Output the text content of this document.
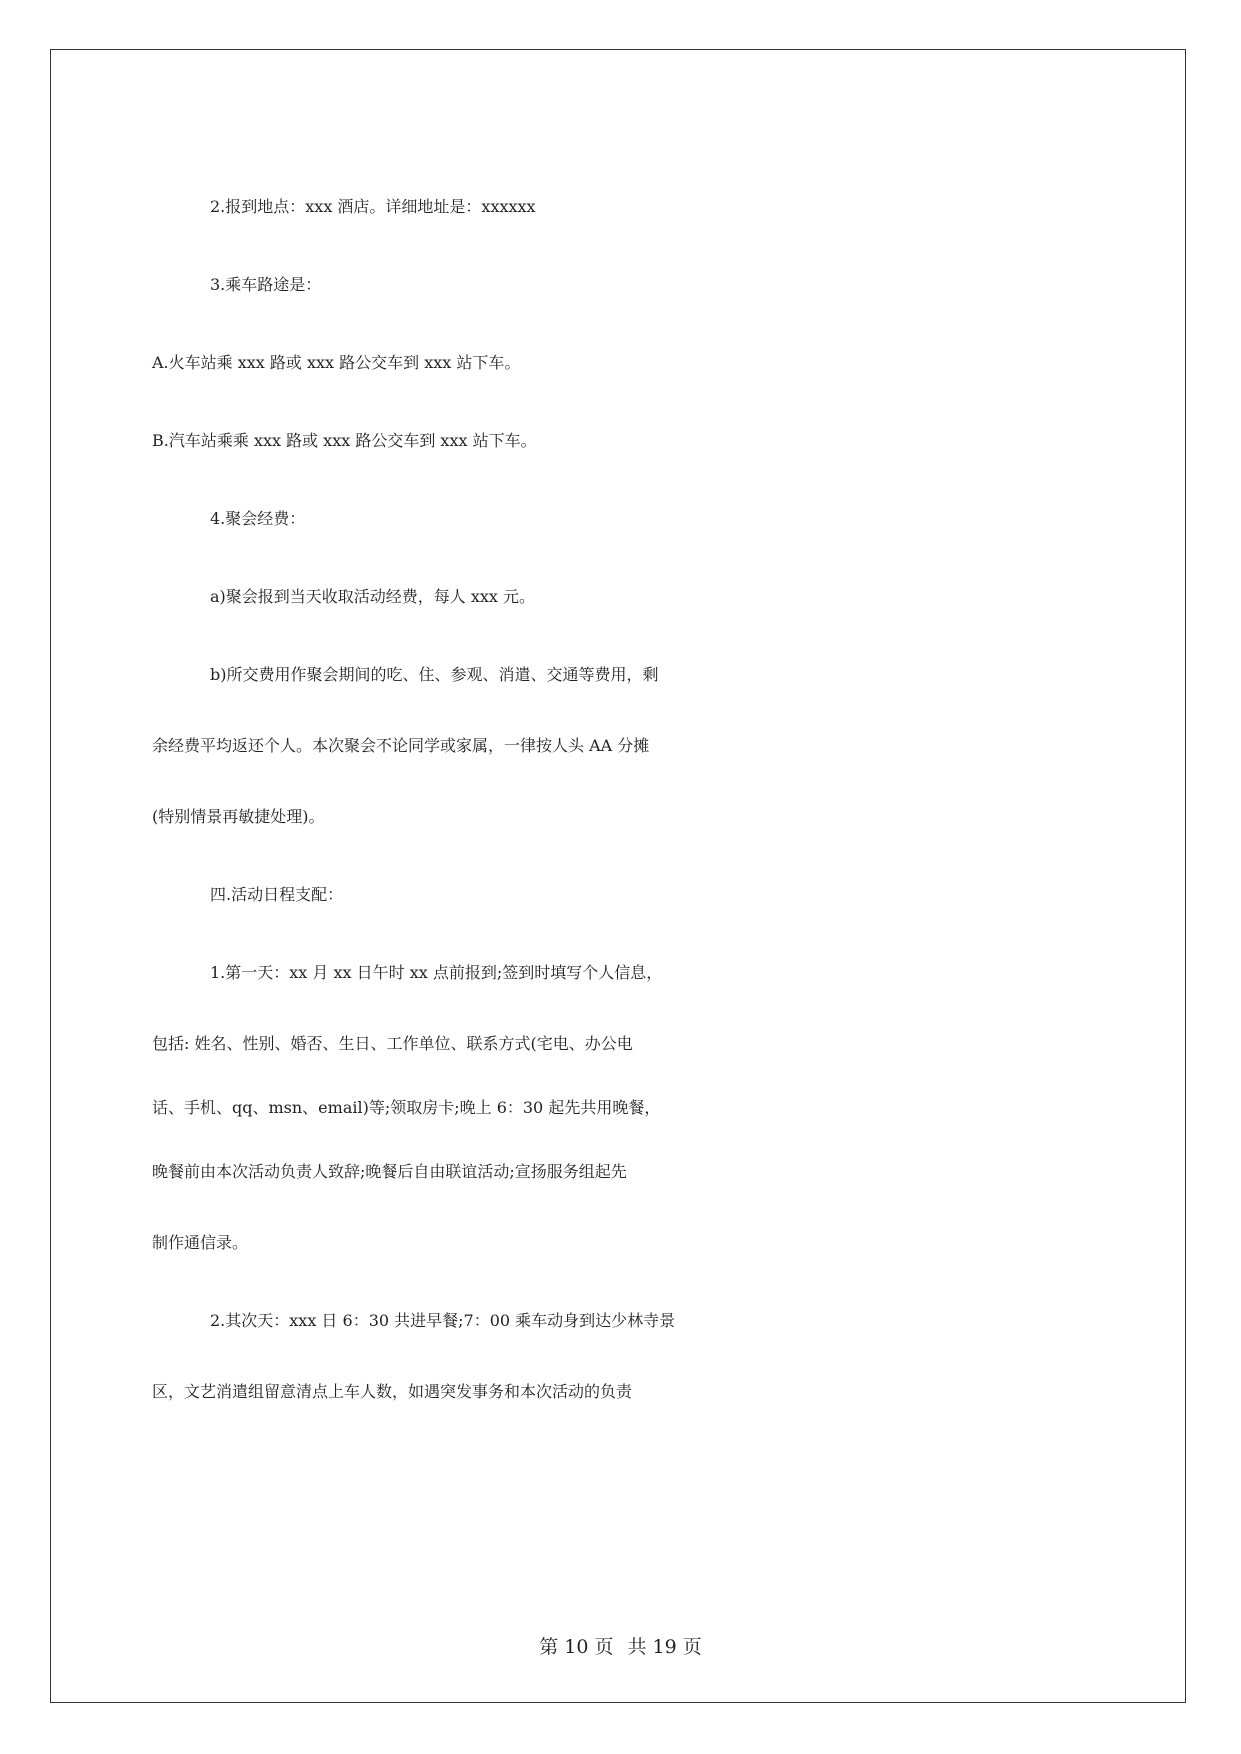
2.报到地点：xxx 酒店。详细地址是：xxxxxx
3.乘车路途是：
A.火车站乘 xxx 路或 xxx 路公交车到 xxx 站下车。
B.汽车站乘乘 xxx 路或 xxx 路公交车到 xxx 站下车。
4.聚会经费：
a)聚会报到当天收取活动经费，每人 xxx 元。
b)所交费用作聚会期间的吃、住、参观、消遣、交通等费用，剩
余经费平均返还个人。本次聚会不论同学或家属，一律按人头 AA 分摊
(特别情景再敏捷处理)。
四.活动日程支配：
1.第一天：xx 月 xx 日午时 xx 点前报到;签到时填写个人信息，
包括: 姓名、性别、婚否、生日、工作单位、联系方式(宅电、办公电
话、手机、qq、msn、email)等;领取房卡;晚上 6：30 起先共用晚餐，
晚餐前由本次活动负责人致辞;晚餐后自由联谊活动;宣扬服务组起先
制作通信录。
2.其次天：xxx 日 6：30 共进早餐;7：00 乘车动身到达少林寺景
区，文艺消遣组留意清点上车人数，如遇突发事务和本次活动的负责
第 10 页 共 19 页
